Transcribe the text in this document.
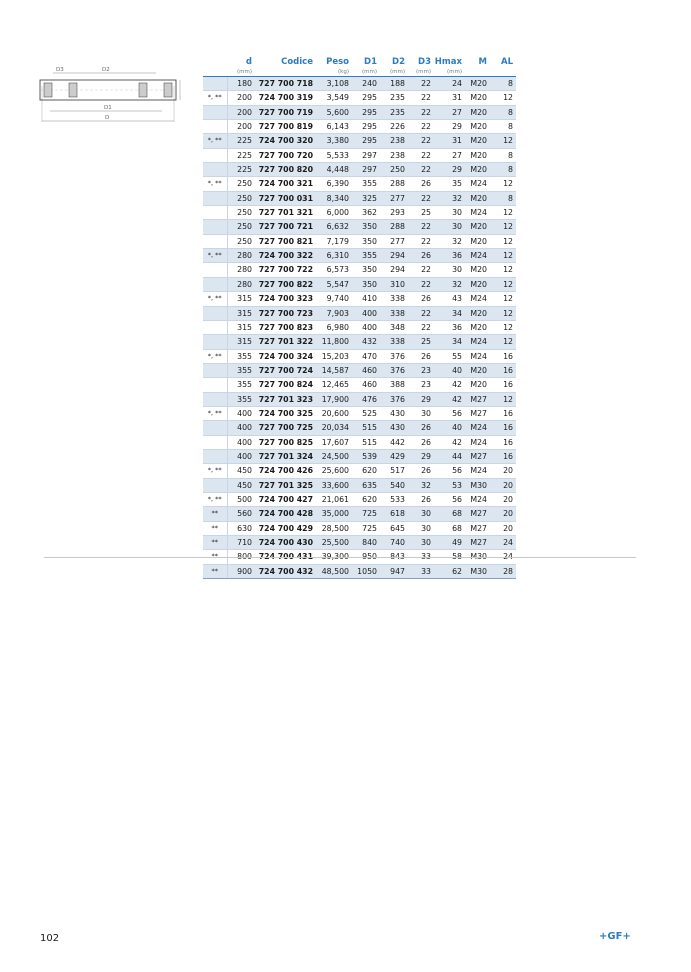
D3	D2
D1
D
	d	Codice	Peso	D1	D2	D3	Hmax	M	AL
	(mm)		(kg)	(mm)	(mm)	(mm)	(mm)		
	180	727 700 718	3,108	240	188	22	24	M20	8
*, **	200	724 700 319	3,549	295	235	22	31	M20	12
	200	727 700 719	5,600	295	235	22	27	M20	8
	200	727 700 819	6,143	295	226	22	29	M20	8
*, **	225	724 700 320	3,380	295	238	22	31	M20	12
	225	727 700 720	5,533	297	238	22	27	M20	8
	225	727 700 820	4,448	297	250	22	29	M20	8
*, **	250	724 700 321	6,390	355	288	26	35	M24	12
	250	727 700 031	8,340	325	277	22	32	M20	8
	250	727 701 321	6,000	362	293	25	30	M24	12
	250	727 700 721	6,632	350	288	22	30	M20	12
	250	727 700 821	7,179	350	277	22	32	M20	12
*, **	280	724 700 322	6,310	355	294	26	36	M24	12
	280	727 700 722	6,573	350	294	22	30	M20	12
	280	727 700 822	5,547	350	310	22	32	M20	12
*, **	315	724 700 323	9,740	410	338	26	43	M24	12
	315	727 700 723	7,903	400	338	22	34	M20	12
	315	727 700 823	6,980	400	348	22	36	M20	12
	315	727 701 322	11,800	432	338	25	34	M24	12
*, **	355	724 700 324	15,203	470	376	26	55	M24	16
	355	727 700 724	14,587	460	376	23	40	M20	16
	355	727 700 824	12,465	460	388	23	42	M20	16
	355	727 701 323	17,900	476	376	29	42	M27	12
*, **	400	724 700 325	20,600	525	430	30	56	M27	16
	400	727 700 725	20,034	515	430	26	40	M24	16
	400	727 700 825	17,607	515	442	26	42	M24	16
	400	727 701 324	24,500	539	429	29	44	M27	16
*, **	450	724 700 426	25,600	620	517	26	56	M24	20
	450	727 701 325	33,600	635	540	32	53	M30	20
*, **	500	724 700 427	21,061	620	533	26	56	M24	20
**	560	724 700 428	35,000	725	618	30	68	M27	20
**	630	724 700 429	28,500	725	645	30	68	M27	20
**	710	724 700 430	25,500	840	740	30	49	M27	24
**	800	724 700 431	39,300	950	843	33	58	M30	24
**	900	724 700 432	48,500	1050	947	33	62	M30	28
102	+GF+
